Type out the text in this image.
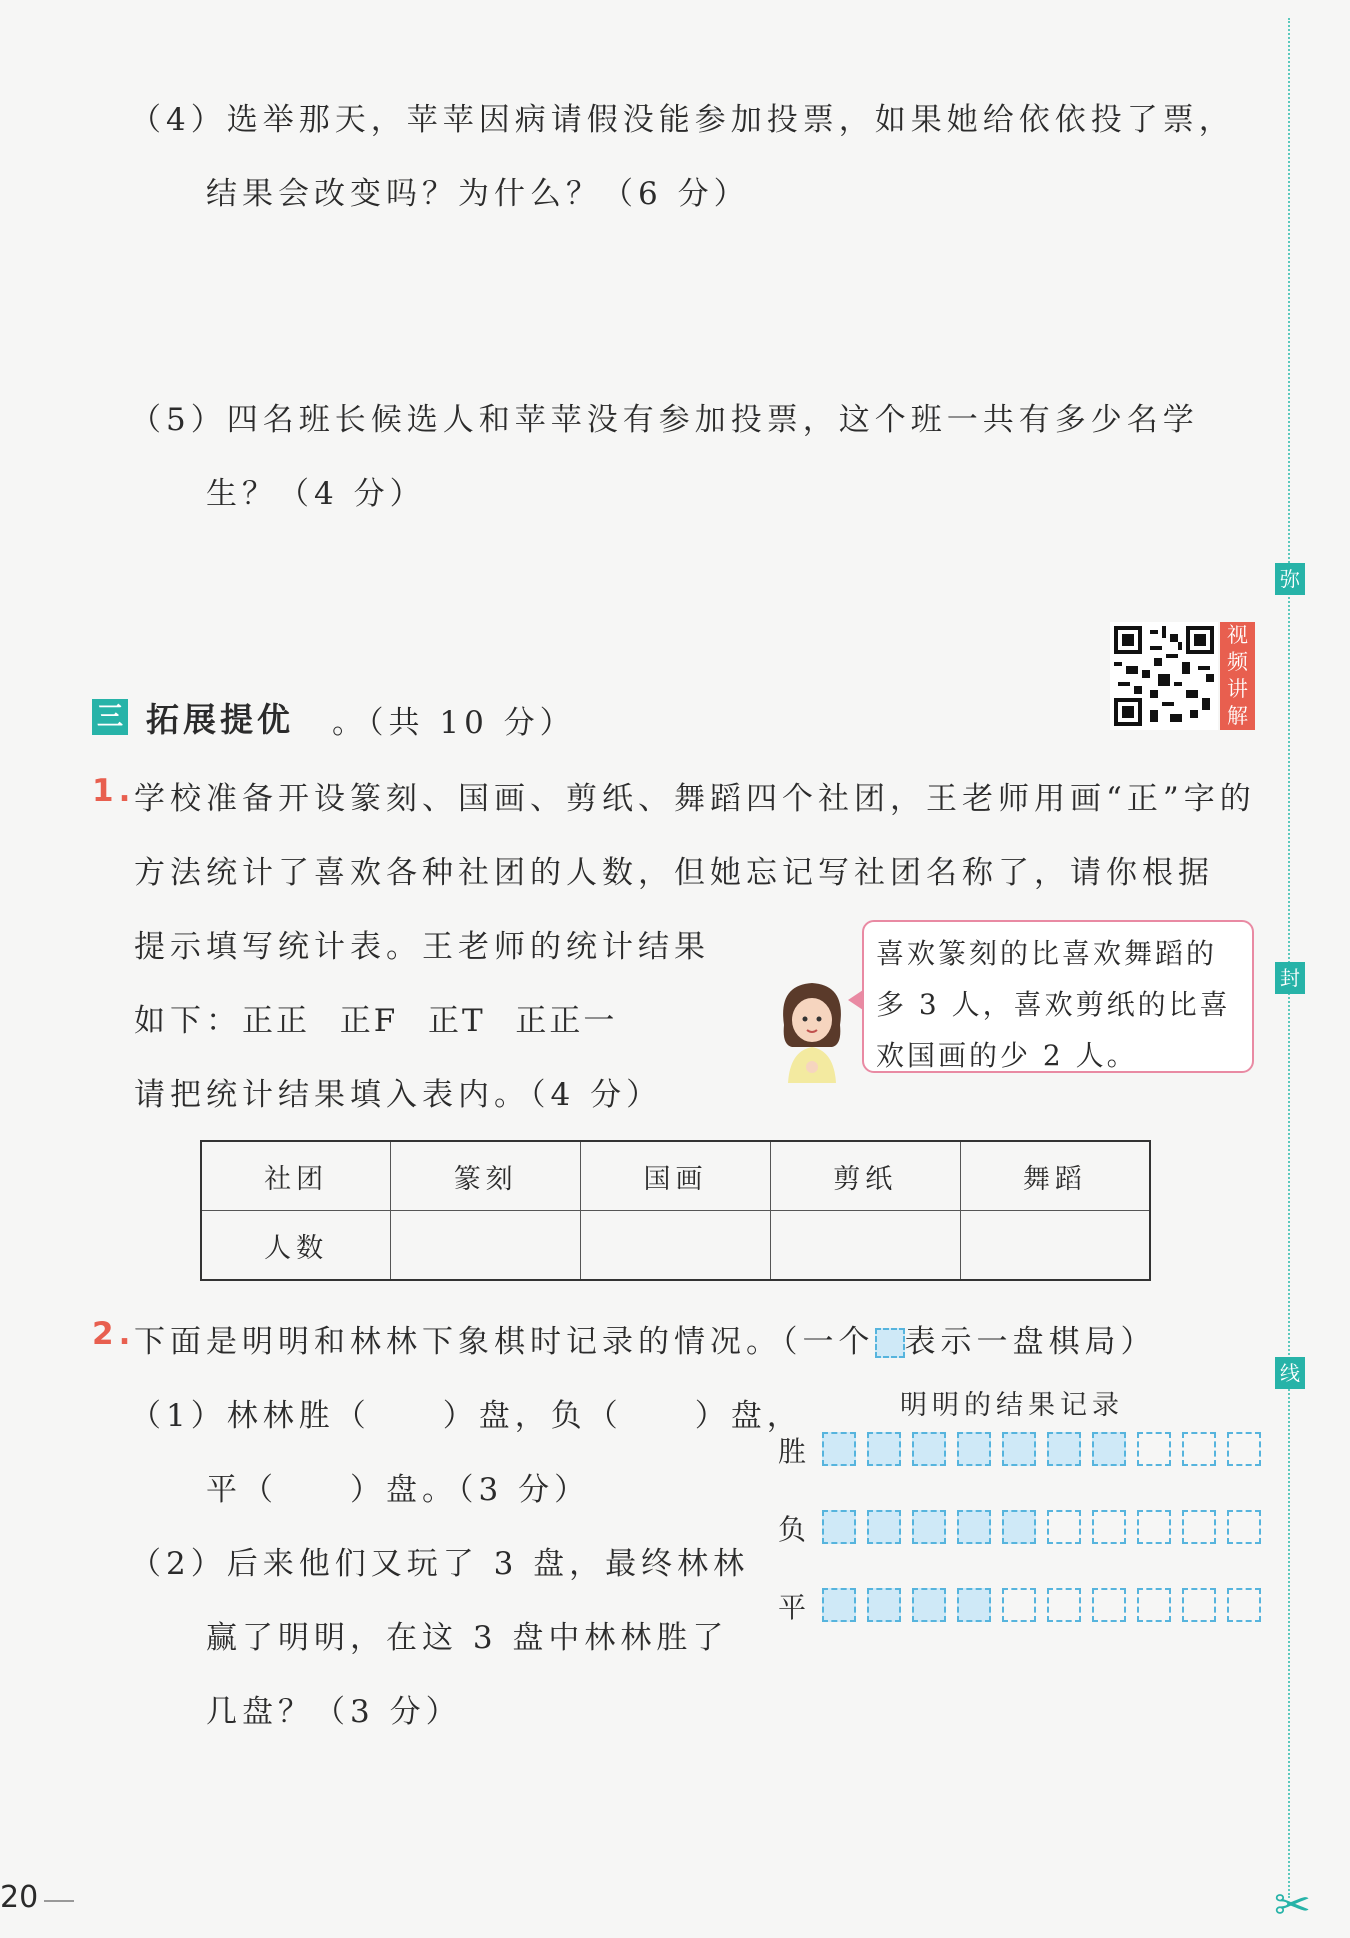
弥
封
线
✂
（4）选举那天，苹苹因病请假没能参加投票，如果她给依依投了票，
结果会改变吗？为什么？（6 分）
（5）四名班长候选人和苹苹没有参加投票，这个班一共有多少名学
生？（4 分）
视频讲解
三 拓展提优 。（共 10 分）
1.
学校准备开设篆刻、国画、剪纸、舞蹈四个社团，王老师用画“正”字的
方法统计了喜欢各种社团的人数，但她忘记写社团名称了，请你根据
提示填写统计表。王老师的统计结果
如下：正正 正F 正T 正正一
请把统计结果填入表内。（4 分）
喜欢篆刻的比喜欢舞蹈的
多 3 人，喜欢剪纸的比喜
欢国画的少 2 人。
社团	篆刻	国画	剪纸	舞蹈
人数				
2.
下面是明明和林林下象棋时记录的情况。（一个 表示一盘棋局）
（1）林林胜（　　）盘，负（　　）盘，
平（　　）盘。（3 分）
（2）后来他们又玩了 3 盘，最终林林
赢了明明，在这 3 盘中林林胜了
几盘？（3 分）
明明的结果记录
胜
负
平
20
